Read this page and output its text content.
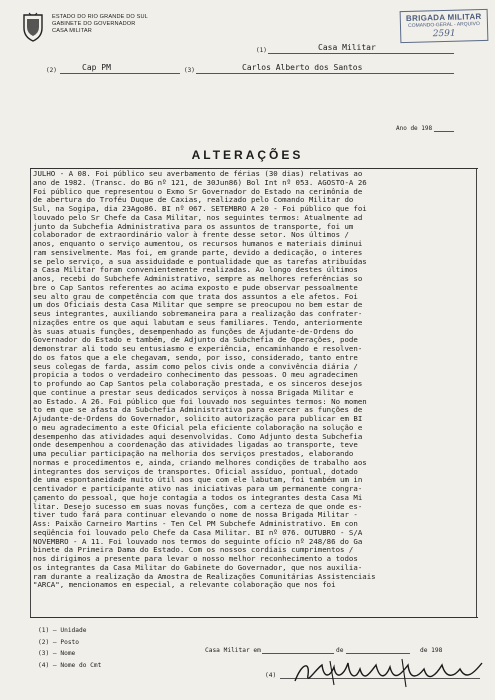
ESTADO DO RIO GRANDE DO SUL
GABINETE DO GOVERNADOR
CASA MILITAR
BRIGADA MILITAR
COMANDO-GERAL - ARQUIVO
2591
(1)	Casa Militar
(2)	Cap PM	(3)	Carlos Alberto dos Santos
Ano de 198
ALTERAÇÕES
JULHO - A 08. Foi público seu averbamento de férias (30 dias) relativas ao
ano de 1982. (Transc. do BG nº 121, de 30Jun86) Bol Int nº 053. AGOSTO-A 26
Foi público que representou o Exmo Sr Governador do Estado na cerimônia de
de abertura do Troféu Duque de Caxias, realizado pelo Comando Militar do
Sul, na Sogipa, dia 23Ago86. BI nº 067. SETEMBRO A 20 - Foi público que foi
louvado pelo Sr Chefe da Casa Militar, nos seguintes termos: Atualmente ad
junto da Subchefia Administrativa para os assuntos de transporte, foi um
colaborador de extraordinário valor à frente desse setor. Nos últimos /
anos, enquanto o serviço aumentou, os recursos humanos e materiais diminui
ram sensivelmente. Mas foi, em grande parte, devido a dedicação, o interes
se pelo serviço, a sua assiduidade e pontualidade que as tarefas atribuídas
a Casa Militar foram convenientemente realizadas. Ao longo destes últimos
anos, recebi do Subchefe Administrativo, sempre as melhores referências so
bre o Cap Santos referentes ao acima exposto e pude observar pessoalmente
seu alto grau de competência com que trata dos assuntos a ele afetos. Foi
um dos Oficiais desta Casa Militar que sempre se preocupou no bem estar de
seus integrantes, auxiliando sobremaneira para a realização das confrater-
nizações entre os que aqui labutam e seus familiares. Tendo, anteriormente
às suas atuais funções, desempenhado as funções de Ajudante-de-Ordens do
Governador do Estado e também, de Adjunto da Subchefia de Operações, pode
demonstrar ali todo seu entusiasmo e experiência, encaminhando e resolven-
do os fatos que a ele chegavam, sendo, por isso, considerado, tanto entre
seus colegas de farda, assim como pelos civis onde a convivência diária /
propicia a todos o verdadeiro conhecimento das pessoas. O meu agradecimen
to profundo ao Cap Santos pela colaboração prestada, e os sinceros desejos
que continue a prestar seus dedicados serviços à nossa Brigada Militar e
ao Estado. A 26. Foi público que foi louvado nos seguintes termos: No momen
to em que se afasta da Subchefia Administrativa para exercer as funções de
Ajudante-de-Ordens do Governador, solicito autorização para publicar em BI
o meu agradecimento a este Oficial pela eficiente colaboração na solução e
desempenho das atividades aqui desenvolvidas. Como Adjunto desta Subchefia
onde desempenhou a coordenação das atividades ligadas ao transporte, teve
uma peculiar participação na melhoria dos serviços prestados, elaborando
normas e procedimentos e, ainda, criando melhores condições de trabalho aos
integrantes dos serviços de transportes. Oficial assíduo, pontual, dotado
de uma espontaneidade muito útil aos que com ele labutam, foi também um in
centivador e participante ativo nas iniciativas para um permanente congra-
çamento do pessoal, que hoje contagia a todos os integrantes desta Casa Mi
litar. Desejo sucesso em suas novas funções, com a certeza de que onde es-
tiver tudo fará para continuar elevando o nome de nossa Brigada Militar -
Ass: Paixão Carneiro Martins - Ten Cel PM Subchefe Administrativo. Em con
seqüência foi louvado pelo Chefe da Casa Militar. BI nº 076. OUTUBRO - S/A
NOVEMBRO - A 11. Foi louvado nos termos do seguinte ofício nº 248/86 do Ga
binete da Primeira Dama do Estado. Com os nossos cordiais cumprimentos /
nos dirigimos a presente para levar o nosso melhor reconhecimento a todos
os integrantes da Casa Militar do Gabinete do Governador, que nos auxilia-
ram durante a realização da Amostra de Realizações Comunitárias Assistenciais
"ARCA", mencionamos em especial, a relevante colaboração que nos foi
(1) — Unidade
(2) — Posto
(3) — Nome
(4) — Nome do Cmt
Casa Militar em	de	de 198
(4)
